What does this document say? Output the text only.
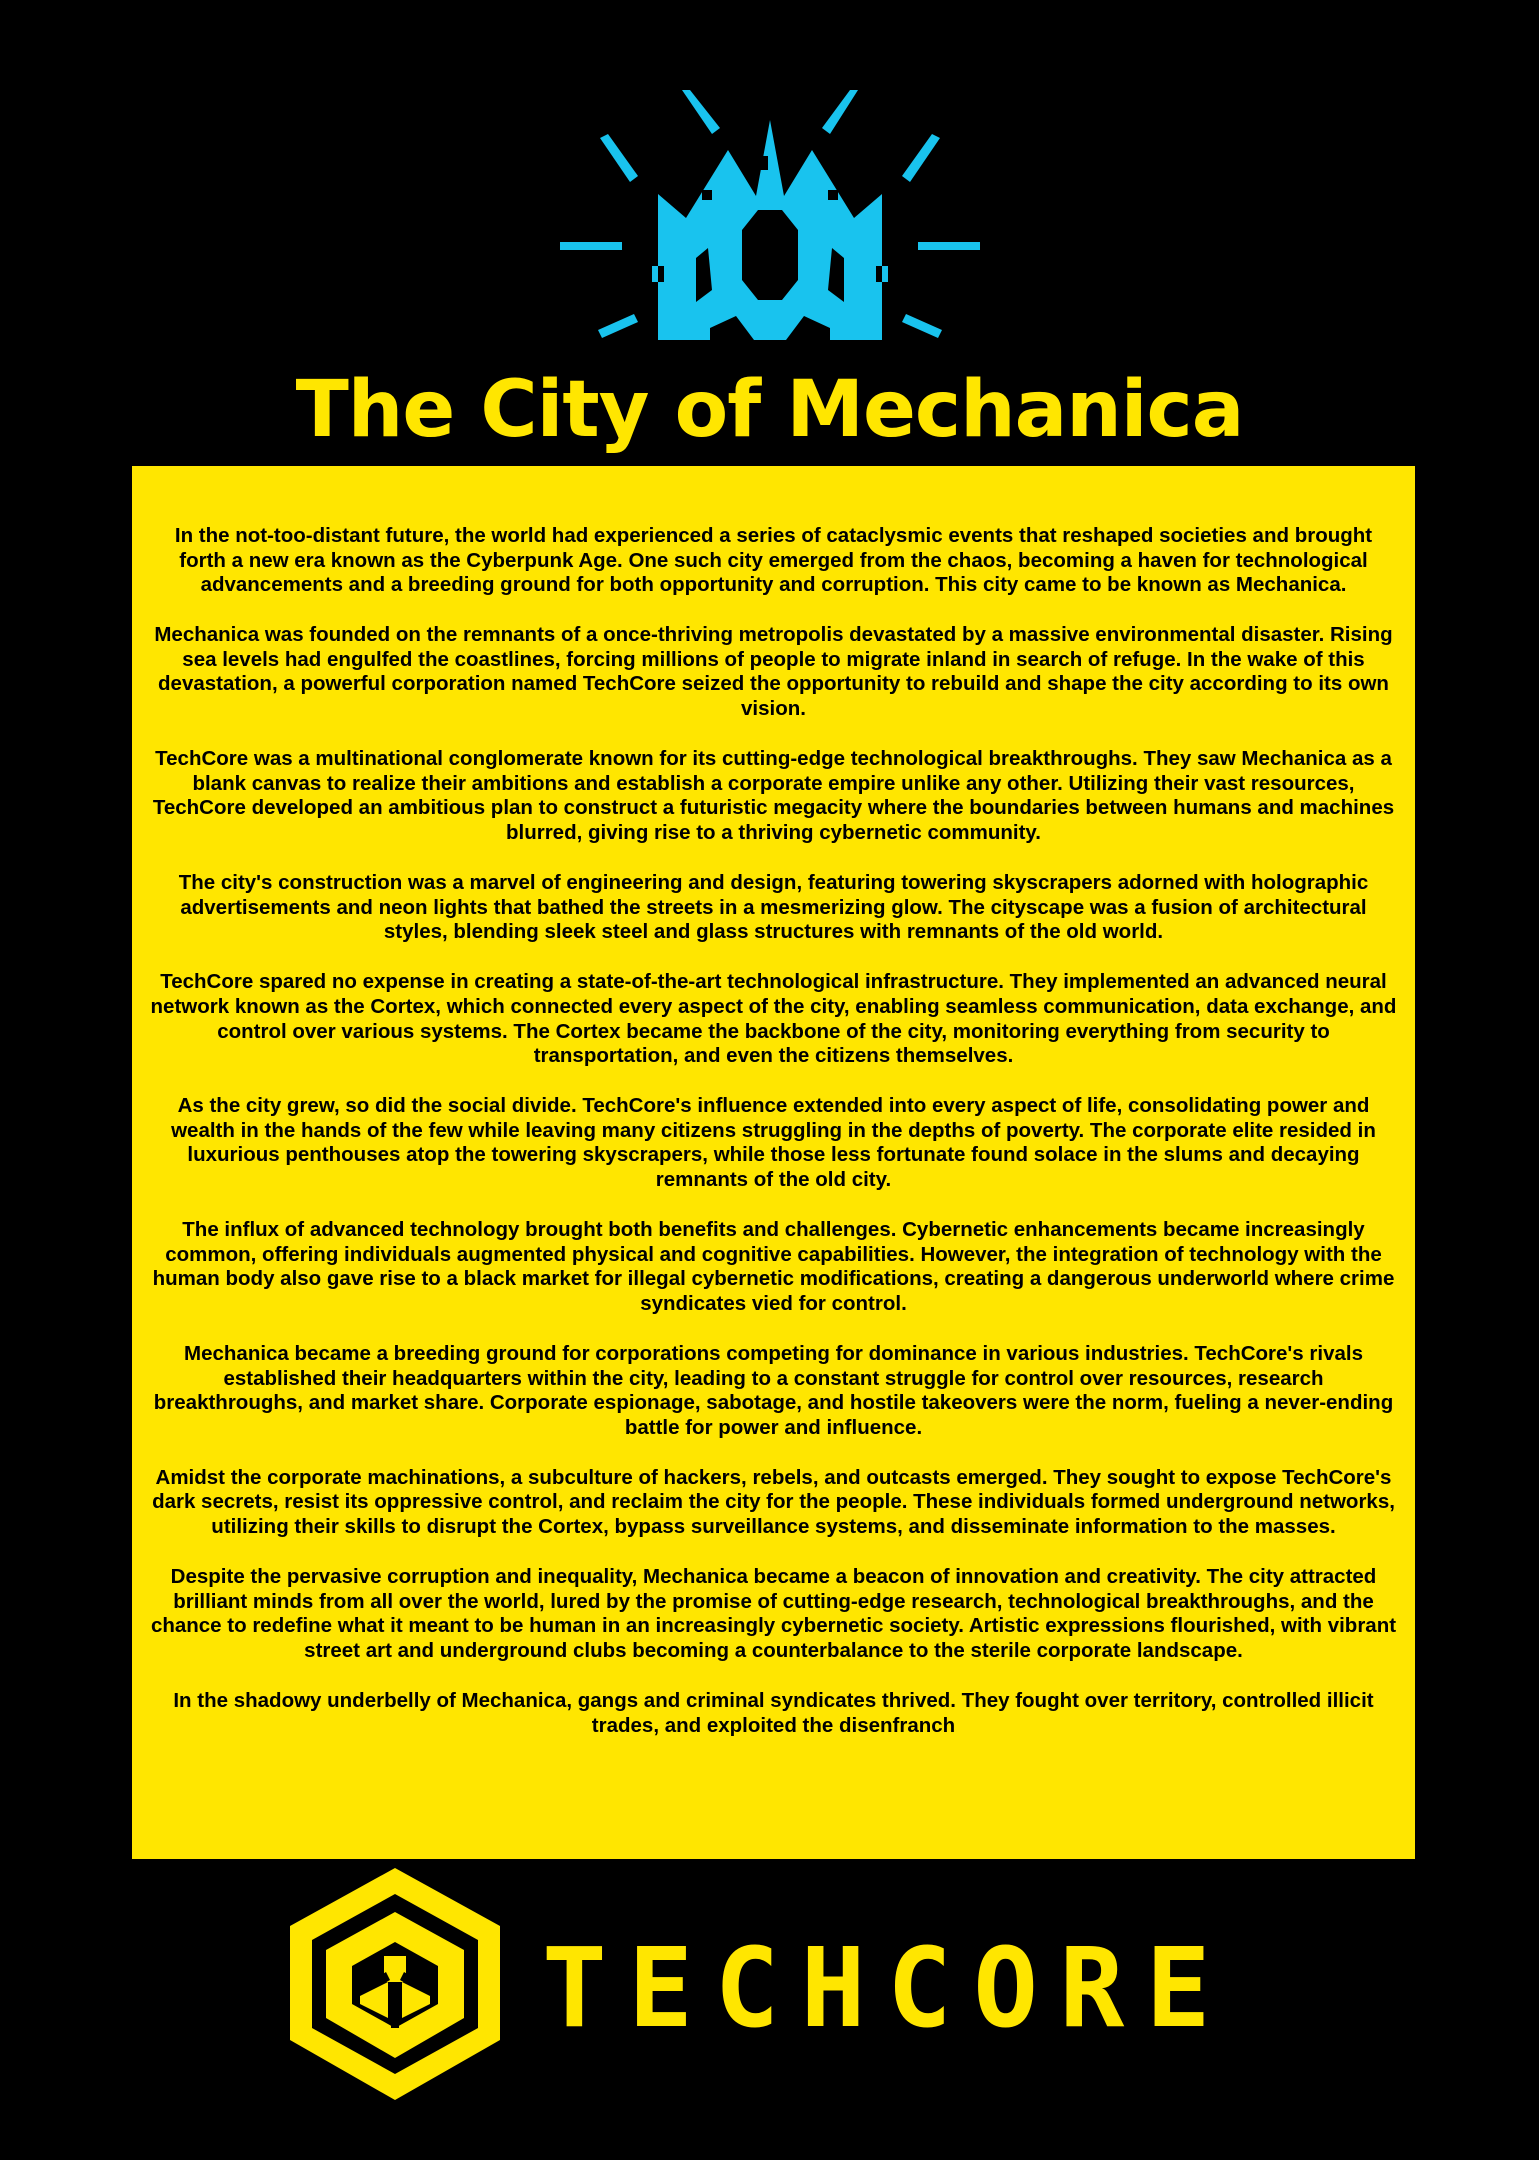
The City of Mechanica

In the not-too-distant future, the world had experienced a series of cataclysmic events that reshaped societies and brought forth a new era known as the Cyberpunk Age. One such city emerged from the chaos, becoming a haven for technological advancements and a breeding ground for both opportunity and corruption. This city came to be known as Mechanica.

Mechanica was founded on the remnants of a once-thriving metropolis devastated by a massive environmental disaster. Rising sea levels had engulfed the coastlines, forcing millions of people to migrate inland in search of refuge. In the wake of this devastation, a powerful corporation named TechCore seized the opportunity to rebuild and shape the city according to its own vision.

TechCore was a multinational conglomerate known for its cutting-edge technological breakthroughs. They saw Mechanica as a blank canvas to realize their ambitions and establish a corporate empire unlike any other. Utilizing their vast resources, TechCore developed an ambitious plan to construct a futuristic megacity where the boundaries between humans and machines blurred, giving rise to a thriving cybernetic community.

The city's construction was a marvel of engineering and design, featuring towering skyscrapers adorned with holographic advertisements and neon lights that bathed the streets in a mesmerizing glow. The cityscape was a fusion of architectural styles, blending sleek steel and glass structures with remnants of the old world.

TechCore spared no expense in creating a state-of-the-art technological infrastructure. They implemented an advanced neural network known as the Cortex, which connected every aspect of the city, enabling seamless communication, data exchange, and control over various systems. The Cortex became the backbone of the city, monitoring everything from security to transportation, and even the citizens themselves.

As the city grew, so did the social divide. TechCore's influence extended into every aspect of life, consolidating power and wealth in the hands of the few while leaving many citizens struggling in the depths of poverty. The corporate elite resided in luxurious penthouses atop the towering skyscrapers, while those less fortunate found solace in the slums and decaying remnants of the old city.

The influx of advanced technology brought both benefits and challenges. Cybernetic enhancements became increasingly common, offering individuals augmented physical and cognitive capabilities. However, the integration of technology with the human body also gave rise to a black market for illegal cybernetic modifications, creating a dangerous underworld where crime syndicates vied for control.

Mechanica became a breeding ground for corporations competing for dominance in various industries. TechCore's rivals established their headquarters within the city, leading to a constant struggle for control over resources, research breakthroughs, and market share. Corporate espionage, sabotage, and hostile takeovers were the norm, fueling a never-ending battle for power and influence.

Amidst the corporate machinations, a subculture of hackers, rebels, and outcasts emerged. They sought to expose TechCore's dark secrets, resist its oppressive control, and reclaim the city for the people. These individuals formed underground networks, utilizing their skills to disrupt the Cortex, bypass surveillance systems, and disseminate information to the masses.

Despite the pervasive corruption and inequality, Mechanica became a beacon of innovation and creativity. The city attracted brilliant minds from all over the world, lured by the promise of cutting-edge research, technological breakthroughs, and the chance to redefine what it meant to be human in an increasingly cybernetic society. Artistic expressions flourished, with vibrant street art and underground clubs becoming a counterbalance to the sterile corporate landscape.

In the shadowy underbelly of Mechanica, gangs and criminal syndicates thrived. They fought over territory, controlled illicit trades, and exploited the disenfranch

TECHCORE
